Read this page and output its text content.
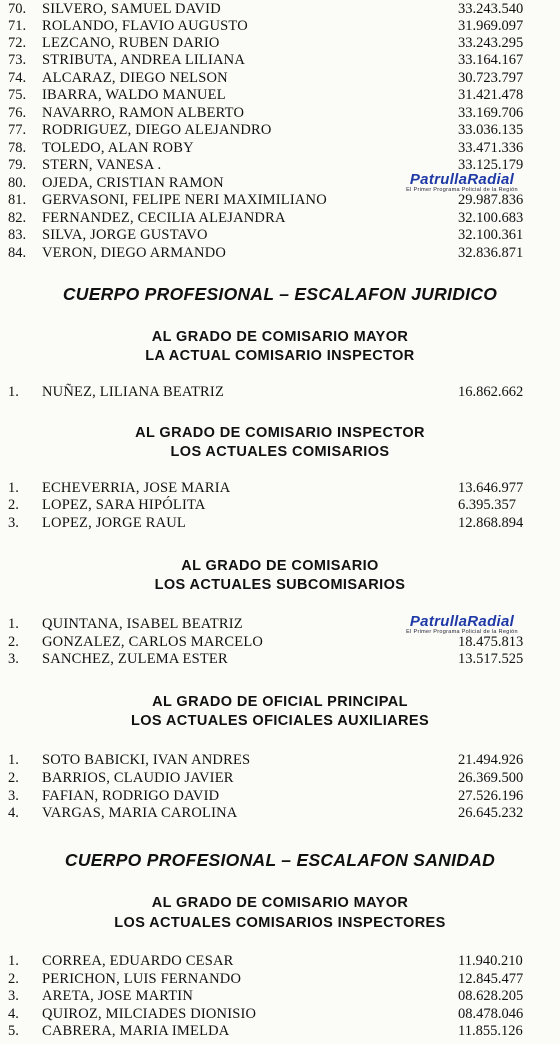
70.	SILVERO, SAMUEL DAVID	33.243.540
71.	ROLANDO, FLAVIO AUGUSTO	31.969.097
72.	LEZCANO, RUBEN DARIO	33.243.295
73.	STRIBUTA, ANDREA LILIANA	33.164.167
74.	ALCARAZ, DIEGO NELSON	30.723.797
75.	IBARRA, WALDO MANUEL	31.421.478
76.	NAVARRO, RAMON ALBERTO	33.169.706
77.	RODRIGUEZ, DIEGO ALEJANDRO	33.036.135
78.	TOLEDO, ALAN ROBY	33.471.336
79.	STERN, VANESA .	33.125.179
80.	OJEDA, CRISTIAN RAMON
81.	GERVASONI, FELIPE NERI MAXIMILIANO	29.987.836
82.	FERNANDEZ, CECILIA ALEJANDRA	32.100.683
83.	SILVA, JORGE GUSTAVO	32.100.361
84.	VERON, DIEGO ARMANDO	32.836.871
PatrullaRadial
El Primer Programa Policial de la Región
CUERPO PROFESIONAL – ESCALAFON JURIDICO
AL GRADO DE COMISARIO MAYOR
LA ACTUAL COMISARIO INSPECTOR
1.	NUÑEZ, LILIANA BEATRIZ	16.862.662
AL GRADO DE COMISARIO INSPECTOR
LOS ACTUALES COMISARIOS
1.	ECHEVERRIA, JOSE MARIA	13.646.977
2.	LOPEZ, SARA HIPÓLITA	6.395.357
3.	LOPEZ, JORGE RAUL	12.868.894
AL GRADO DE COMISARIO
LOS ACTUALES SUBCOMISARIOS
1.	QUINTANA, ISABEL BEATRIZ
2.	GONZALEZ, CARLOS MARCELO	18.475.813
3.	SANCHEZ, ZULEMA ESTER	13.517.525
PatrullaRadial
El Primer Programa Policial de la Región
AL GRADO DE OFICIAL PRINCIPAL
LOS ACTUALES OFICIALES AUXILIARES
1.	SOTO BABICKI, IVAN ANDRES	21.494.926
2.	BARRIOS, CLAUDIO JAVIER	26.369.500
3.	FAFIAN, RODRIGO DAVID	27.526.196
4.	VARGAS, MARIA CAROLINA	26.645.232
CUERPO PROFESIONAL – ESCALAFON SANIDAD
AL GRADO DE COMISARIO MAYOR
LOS ACTUALES COMISARIOS INSPECTORES
1.	CORREA, EDUARDO CESAR	11.940.210
2.	PERICHON, LUIS FERNANDO	12.845.477
3.	ARETA, JOSE MARTIN	08.628.205
4.	QUIROZ, MILCIADES DIONISIO	08.478.046
5.	CABRERA, MARIA IMELDA	11.855.126
